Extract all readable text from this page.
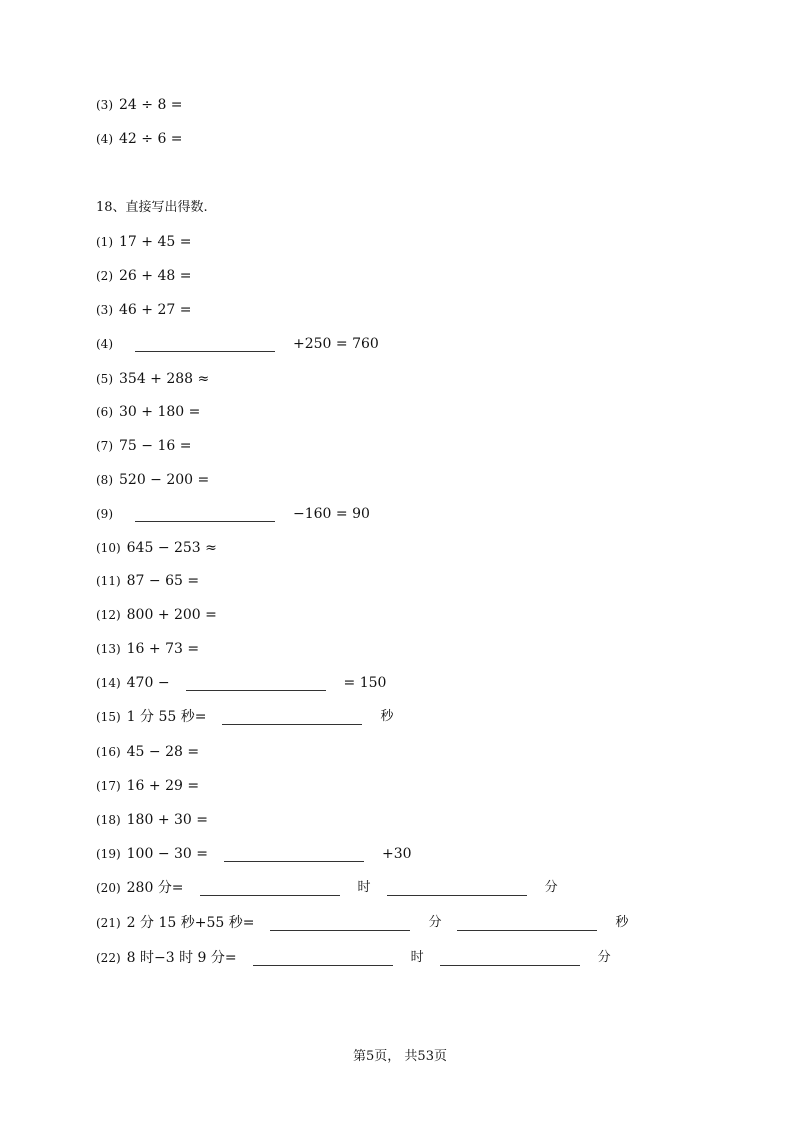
(3) 24 ÷ 8 =
(4) 42 ÷ 6 =
18、直接写出得数.
(1) 17 + 45 =
(2) 26 + 48 =
(3) 46 + 27 =
(4)	+250 = 760
(5) 354 + 288 ≈
(6) 30 + 180 =
(7) 75 − 16 =
(8) 520 − 200 =
(9)	−160 = 90
(10) 645 − 253 ≈
(11) 87 − 65 =
(12) 800 + 200 =
(13) 16 + 73 =
(14) 470 −	= 150
(15) 1 分 55 秒=	秒
(16) 45 − 28 =
(17) 16 + 29 =
(18) 180 + 30 =
(19) 100 − 30 =	+30
(20) 280 分=	时	分
(21) 2 分 15 秒+55 秒=	分	秒
(22) 8 时−3 时 9 分=	时	分
第5页， 共53页
